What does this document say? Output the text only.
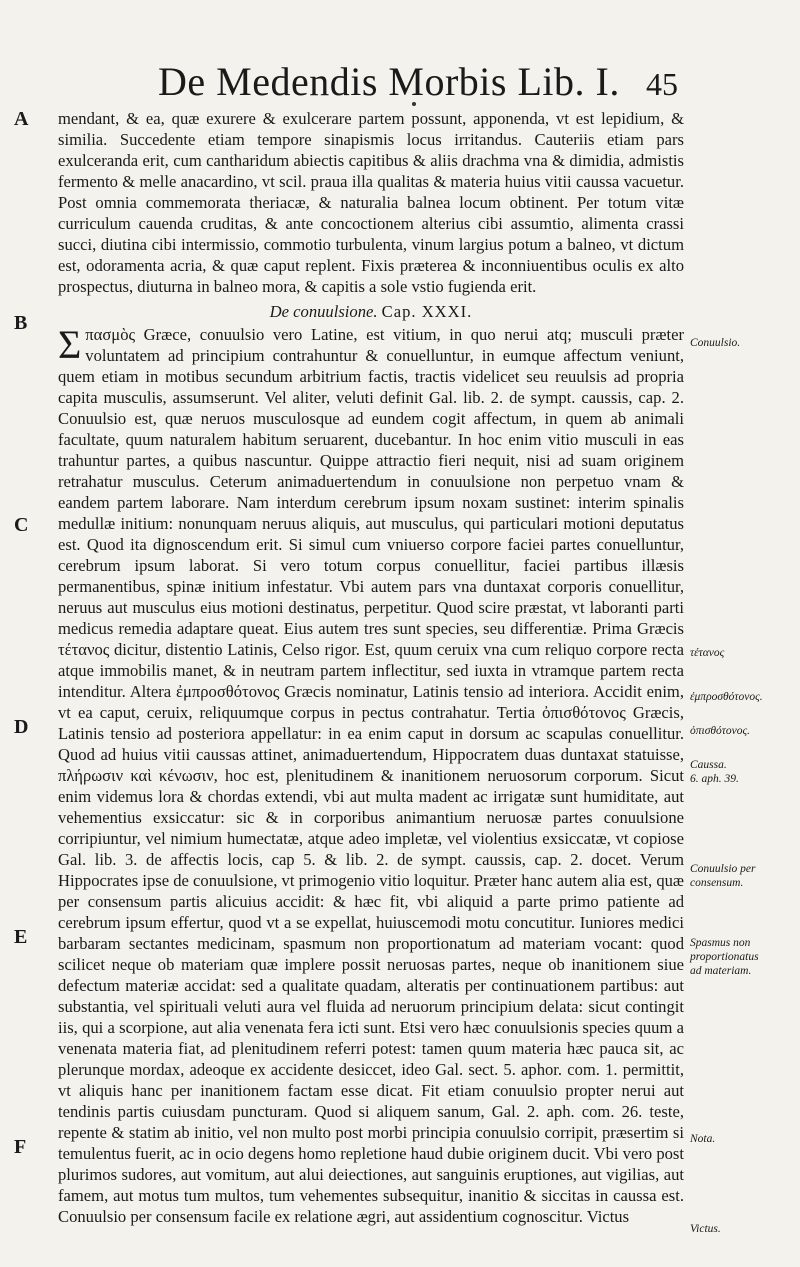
De Medendis Morbis Lib. I. 45
A
B
C
D
E
F

mendant, & ea, quæ exurere & exulcerare partem possunt, apponenda, vt est lepidium, & similia. Succedente etiam tempore sinapismis locus irritandus. Cauteriis etiam pars exulceranda erit, cum cantharidum abiectis capitibus & aliis drachma vna & dimidia, admistis fermento & melle anacardino, vt scil. praua illa qualitas & materia huius vitii caussa vacuetur. Post omnia commemorata theriacæ, & naturalia balnea locum obtinent. Per totum vitæ curriculum cauenda cruditas, & ante concoctionem alterius cibi assumtio, alimenta crassi succi, diutina cibi intermissio, commotio turbulenta, vinum largius potum a balneo, vt dictum est, odoramenta acria, & quæ caput replent. Fixis præterea & inconniuentibus oculis ex alto prospectus, diuturna in balneo mora, & capitis a sole vstio fugienda erit.

De conuulsione. Cap. XXXI.

Σπασμὸς Græce, conuulsio vero Latine, est vitium, in quo nerui atq; musculi præter voluntatem ad principium contrahuntur & conuelluntur, in eumque affectum veniunt, quem etiam in motibus secundum arbitrium factis, tractis videlicet seu reuulsis ad propria capita musculis, assumserunt. Vel aliter, veluti definit Gal. lib. 2. de sympt. caussis, cap. 2. Conuulsio est, quæ neruos musculosque ad eundem cogit affectum, in quem ab animali facultate, quum naturalem habitum seruarent, ducebantur. In hoc enim vitio musculi in eas trahuntur partes, a quibus nascuntur. Quippe attractio fieri nequit, nisi ad suam originem retrahatur musculus. Ceterum animaduertendum in conuulsione non perpetuo vnam & eandem partem laborare. Nam interdum cerebrum ipsum noxam sustinet: interim spinalis medullæ initium: nonunquam neruus aliquis, aut musculus, qui particulari motioni deputatus est. Quod ita dignoscendum erit. Si simul cum vniuerso corpore faciei partes conuelluntur, cerebrum ipsum laborat. Si vero totum corpus conuellitur, faciei partibus illæsis permanentibus, spinæ initium infestatur. Vbi autem pars vna duntaxat corporis conuellitur, neruus aut musculus eius motioni destinatus, perpetitur. Quod scire præstat, vt laboranti parti medicus remedia adaptare queat. Eius autem tres sunt species, seu differentiæ. Prima Græcis τέτανος dicitur, distentio Latinis, Celso rigor. Est, quum ceruix vna cum reliquo corpore recta atque immobilis manet, & in neutram partem inflectitur, sed iuxta in vtramque partem recta intenditur. Altera ἐμπροσθότονος Græcis nominatur, Latinis tensio ad interiora. Accidit enim, vt ea caput, ceruix, reliquumque corpus in pectus contrahatur. Tertia ὀπισθότονος Græcis, Latinis tensio ad posteriora appellatur: in ea enim caput in dorsum ac scapulas conuellitur. Quod ad huius vitii caussas attinet, animaduertendum, Hippocratem duas duntaxat statuisse, πλήρωσιν καὶ κένωσιν, hoc est, plenitudinem & inanitionem neruosorum corporum. Sicut enim videmus lora & chordas extendi, vbi aut multa madent ac irrigatæ sunt humiditate, aut vehementius exsiccatur: sic & in corporibus animantium neruosæ partes conuulsione corripiuntur, vel nimium humectatæ, atque adeo impletæ, vel violentius exsiccatæ, vt copiose Gal. lib. 3. de affectis locis, cap 5. & lib. 2. de sympt. caussis, cap. 2. docet. Verum Hippocrates ipse de conuulsione, vt primogenio vitio loquitur. Præter hanc autem alia est, quæ per consensum partis alicuius accidit: & hæc fit, vbi aliquid a parte primo patiente ad cerebrum ipsum effertur, quod vt a se expellat, huiuscemodi motu concutitur. Iuniores medici barbaram sectantes medicinam, spasmum non proportionatum ad materiam vocant: quod scilicet neque ob materiam quæ implere possit neruosas partes, neque ob inanitionem siue defectum materiæ accidat: sed a qualitate quadam, alteratis per continuationem partibus: aut substantia, vel spirituali veluti aura vel fluida ad neruorum principium delata: sicut contingit iis, qui a scorpione, aut alia venenata fera icti sunt. Etsi vero hæc conuulsionis species quum a venenata materia fiat, ad plenitudinem referri potest: tamen quum materia hæc pauca sit, ac plerunque mordax, adeoque ex accidente desiccet, ideo Gal. sect. 5. aphor. com. 1. permittit, vt aliquis hanc per inanitionem factam esse dicat. Fit etiam conuulsio propter nerui aut tendinis partis cuiusdam puncturam. Quod si aliquem sanum, Gal. 2. aph. com. 26. teste, repente & statim ab initio, vel non multo post morbi principia conuulsio corripit, præsertim si temulentus fuerit, ac in ocio degens homo repletione haud dubie originem ducit. Vbi vero post plurimos sudores, aut vomitum, aut alui deiectiones, aut sanguinis eruptiones, aut vigilias, aut famem, aut motus tum multos, tum vehementes subsequitur, inanitio & siccitas in caussa est. Conuulsio per consensum facile ex relatione ægri, aut assidentium cognoscitur. Victus

Conuulsio.
τέτανος
ἐμπροσθότονος.
ὀπισθότονος.
Caussa.
6. aph. 39.
Conuulsio per consensum.
Spasmus non proportionatus ad materiam.
Nota.
Victus.
